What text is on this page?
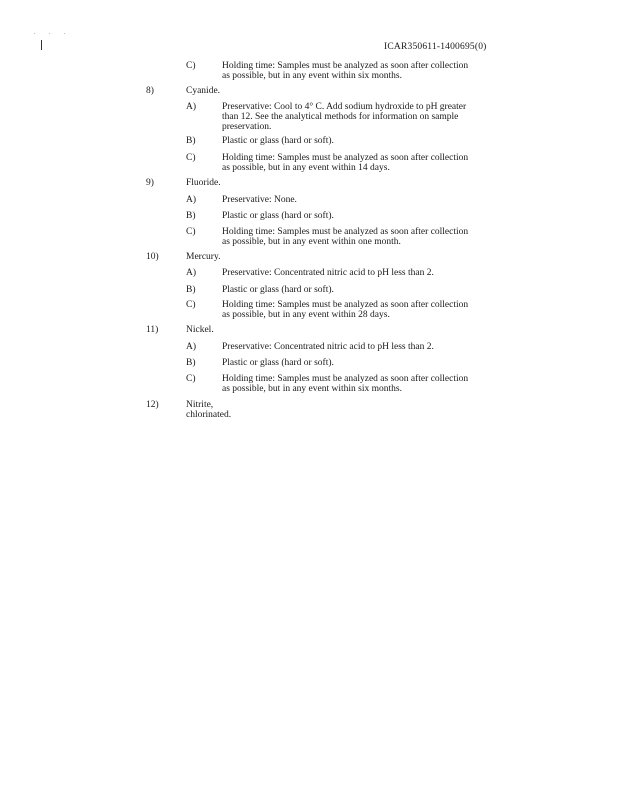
. . .
ICAR350611-1400695(0)
C)	Holding time: Samples must be analyzed as soon after collection
as possible, but in any event within six months.
8)	Cyanide.
A)	Preservative: Cool to 4° C. Add sodium hydroxide to pH greater
than 12. See the analytical methods for information on sample
preservation.
B)	Plastic or glass (hard or soft).
C)	Holding time: Samples must be analyzed as soon after collection
as possible, but in any event within 14 days.
9)	Fluoride.
A)	Preservative: None.
B)	Plastic or glass (hard or soft).
C)	Holding time: Samples must be analyzed as soon after collection
as possible, but in any event within one month.
10)	Mercury.
A)	Preservative: Concentrated nitric acid to pH less than 2.
B)	Plastic or glass (hard or soft).
C)	Holding time: Samples must be analyzed as soon after collection
as possible, but in any event within 28 days.
11)	Nickel.
A)	Preservative: Concentrated nitric acid to pH less than 2.
B)	Plastic or glass (hard or soft).
C)	Holding time: Samples must be analyzed as soon after collection
as possible, but in any event within six months.
12)	Nitrite, chlorinated.
